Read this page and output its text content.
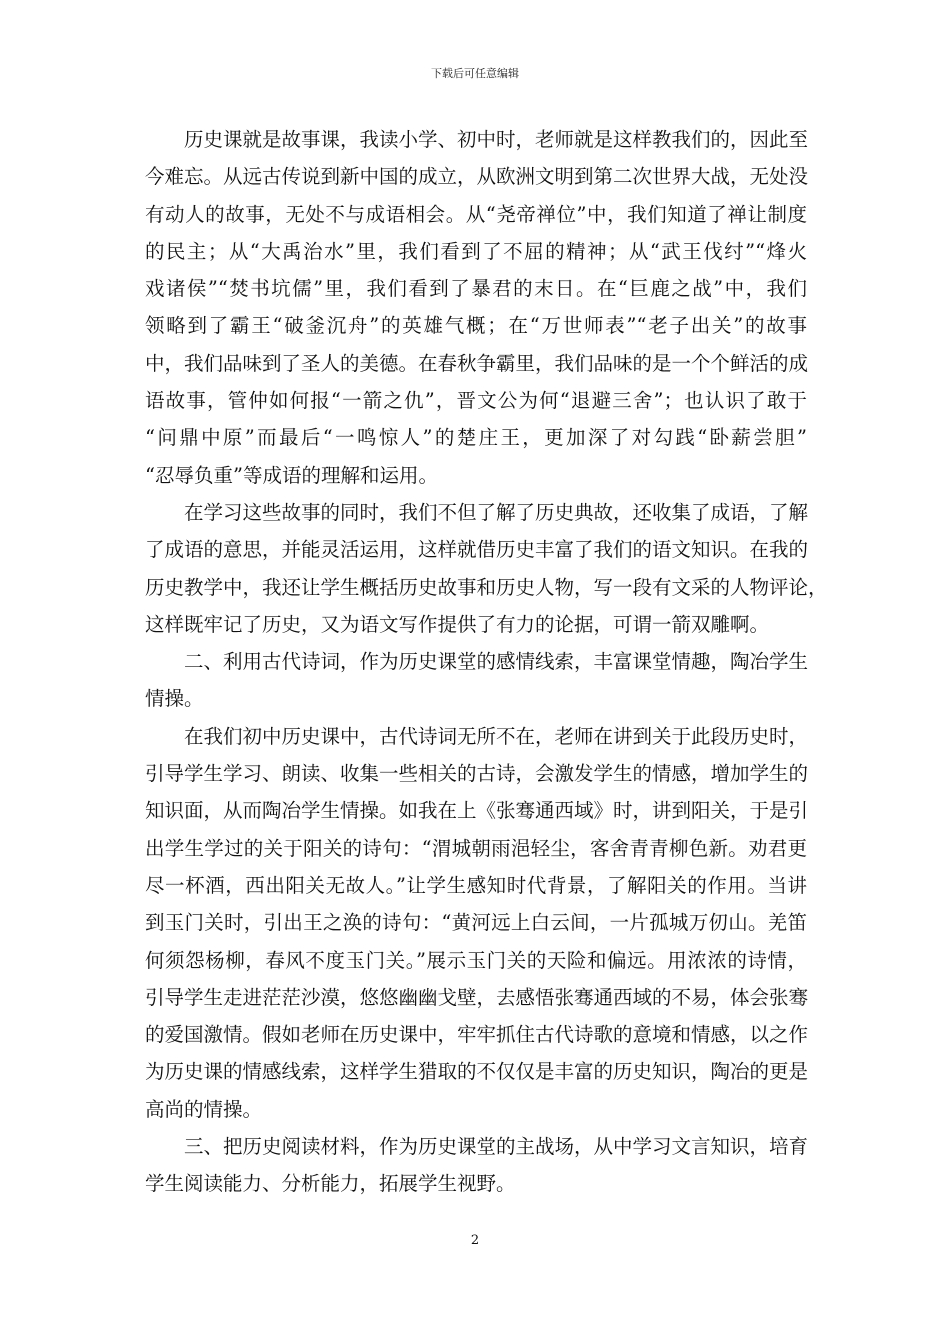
下载后可任意编辑

历史课就是故事课，我读小学、初中时，老师就是这样教我们的，因此至
今难忘。从远古传说到新中国的成立，从欧洲文明到第二次世界大战，无处没
有动人的故事，无处不与成语相会。从“尧帝禅位”中，我们知道了禅让制度
的民主；从“大禹治水”里，我们看到了不屈的精神；从“武王伐纣”“烽火
戏诸侯”“焚书坑儒”里，我们看到了暴君的末日。在“巨鹿之战”中，我们
领略到了霸王“破釜沉舟”的英雄气概；在“万世师表”“老子出关”的故事
中，我们品味到了圣人的美德。在春秋争霸里，我们品味的是一个个鲜活的成
语故事，管仲如何报“一箭之仇”，晋文公为何“退避三舍”；也认识了敢于
“问鼎中原”而最后“一鸣惊人”的楚庄王，更加深了对勾践“卧薪尝胆”
“忍辱负重”等成语的理解和运用。

在学习这些故事的同时，我们不但了解了历史典故，还收集了成语，了解
了成语的意思，并能灵活运用，这样就借历史丰富了我们的语文知识。在我的
历史教学中，我还让学生概括历史故事和历史人物，写一段有文采的人物评论，
这样既牢记了历史，又为语文写作提供了有力的论据，可谓一箭双雕啊。

二、利用古代诗词，作为历史课堂的感情线索，丰富课堂情趣，陶冶学生
情操。

在我们初中历史课中，古代诗词无所不在，老师在讲到关于此段历史时，
引导学生学习、朗读、收集一些相关的古诗，会激发学生的情感，增加学生的
知识面，从而陶冶学生情操。如我在上《张骞通西域》时，讲到阳关，于是引
出学生学过的关于阳关的诗句：“渭城朝雨浥轻尘，客舍青青柳色新。劝君更
尽一杯酒，西出阳关无故人。”让学生感知时代背景，了解阳关的作用。当讲
到玉门关时，引出王之涣的诗句：“黄河远上白云间，一片孤城万仞山。羌笛
何须怨杨柳，春风不度玉门关。”展示玉门关的天险和偏远。用浓浓的诗情，
引导学生走进茫茫沙漠，悠悠幽幽戈壁，去感悟张骞通西域的不易，体会张骞
的爱国激情。假如老师在历史课中，牢牢抓住古代诗歌的意境和情感，以之作
为历史课的情感线索，这样学生猎取的不仅仅是丰富的历史知识，陶冶的更是
高尚的情操。

三、把历史阅读材料，作为历史课堂的主战场，从中学习文言知识，培育
学生阅读能力、分析能力，拓展学生视野。

2
